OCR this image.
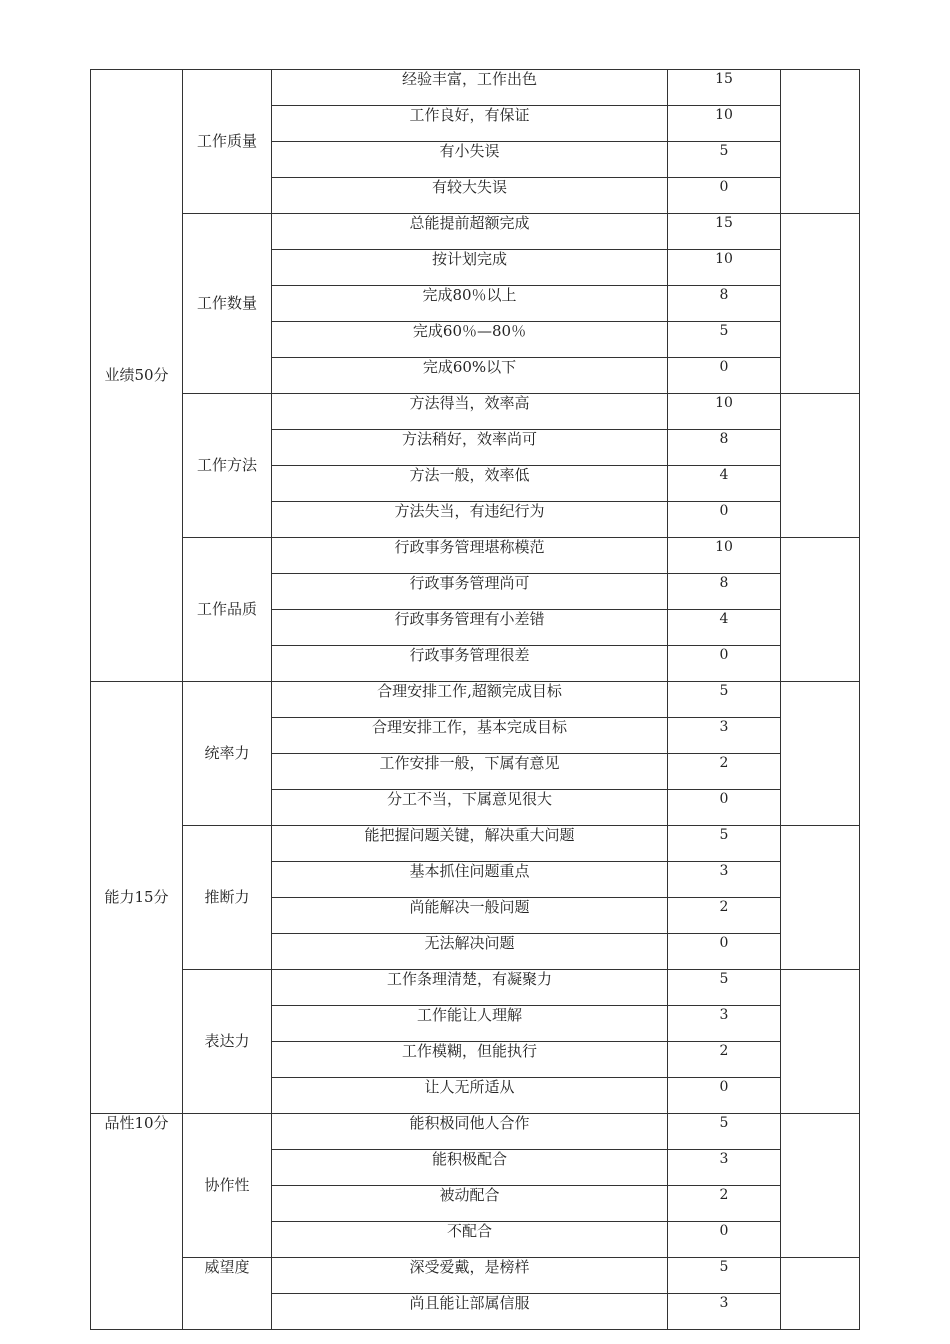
业绩50分	工作质量	经验丰富，工作出色	15	
		工作良好，有保证	10	
		有小失误	5	
		有较大失误	0	
	工作数量	总能提前超额完成	15	
		按计划完成	10	
		完成80％以上	8	
		完成60％—80％	5	
		完成60%以下	0	
	工作方法	方法得当，效率高	10	
		方法稍好，效率尚可	8	
		方法一般，效率低	4	
		方法失当，有违纪行为	0	
	工作品质	行政事务管理堪称模范	10	
		行政事务管理尚可	8	
		行政事务管理有小差错	4	
		行政事务管理很差	0	
能力15分	统率力	合理安排工作,超额完成目标	5	
		合理安排工作，基本完成目标	3	
		工作安排一般，下属有意见	2	
		分工不当，下属意见很大	0	
	推断力	能把握问题关键，解决重大问题	5	
		基本抓住问题重点	3	
		尚能解决一般问题	2	
		无法解决问题	0	
	表达力	工作条理清楚，有凝聚力	5	
		工作能让人理解	3	
		工作模糊，但能执行	2	
		让人无所适从	0	
品性10分	协作性	能积极同他人合作	5	
		能积极配合	3	
		被动配合	2	
		不配合	0	
	威望度	深受爱戴，是榜样	5	
		尚且能让部属信服	3	
